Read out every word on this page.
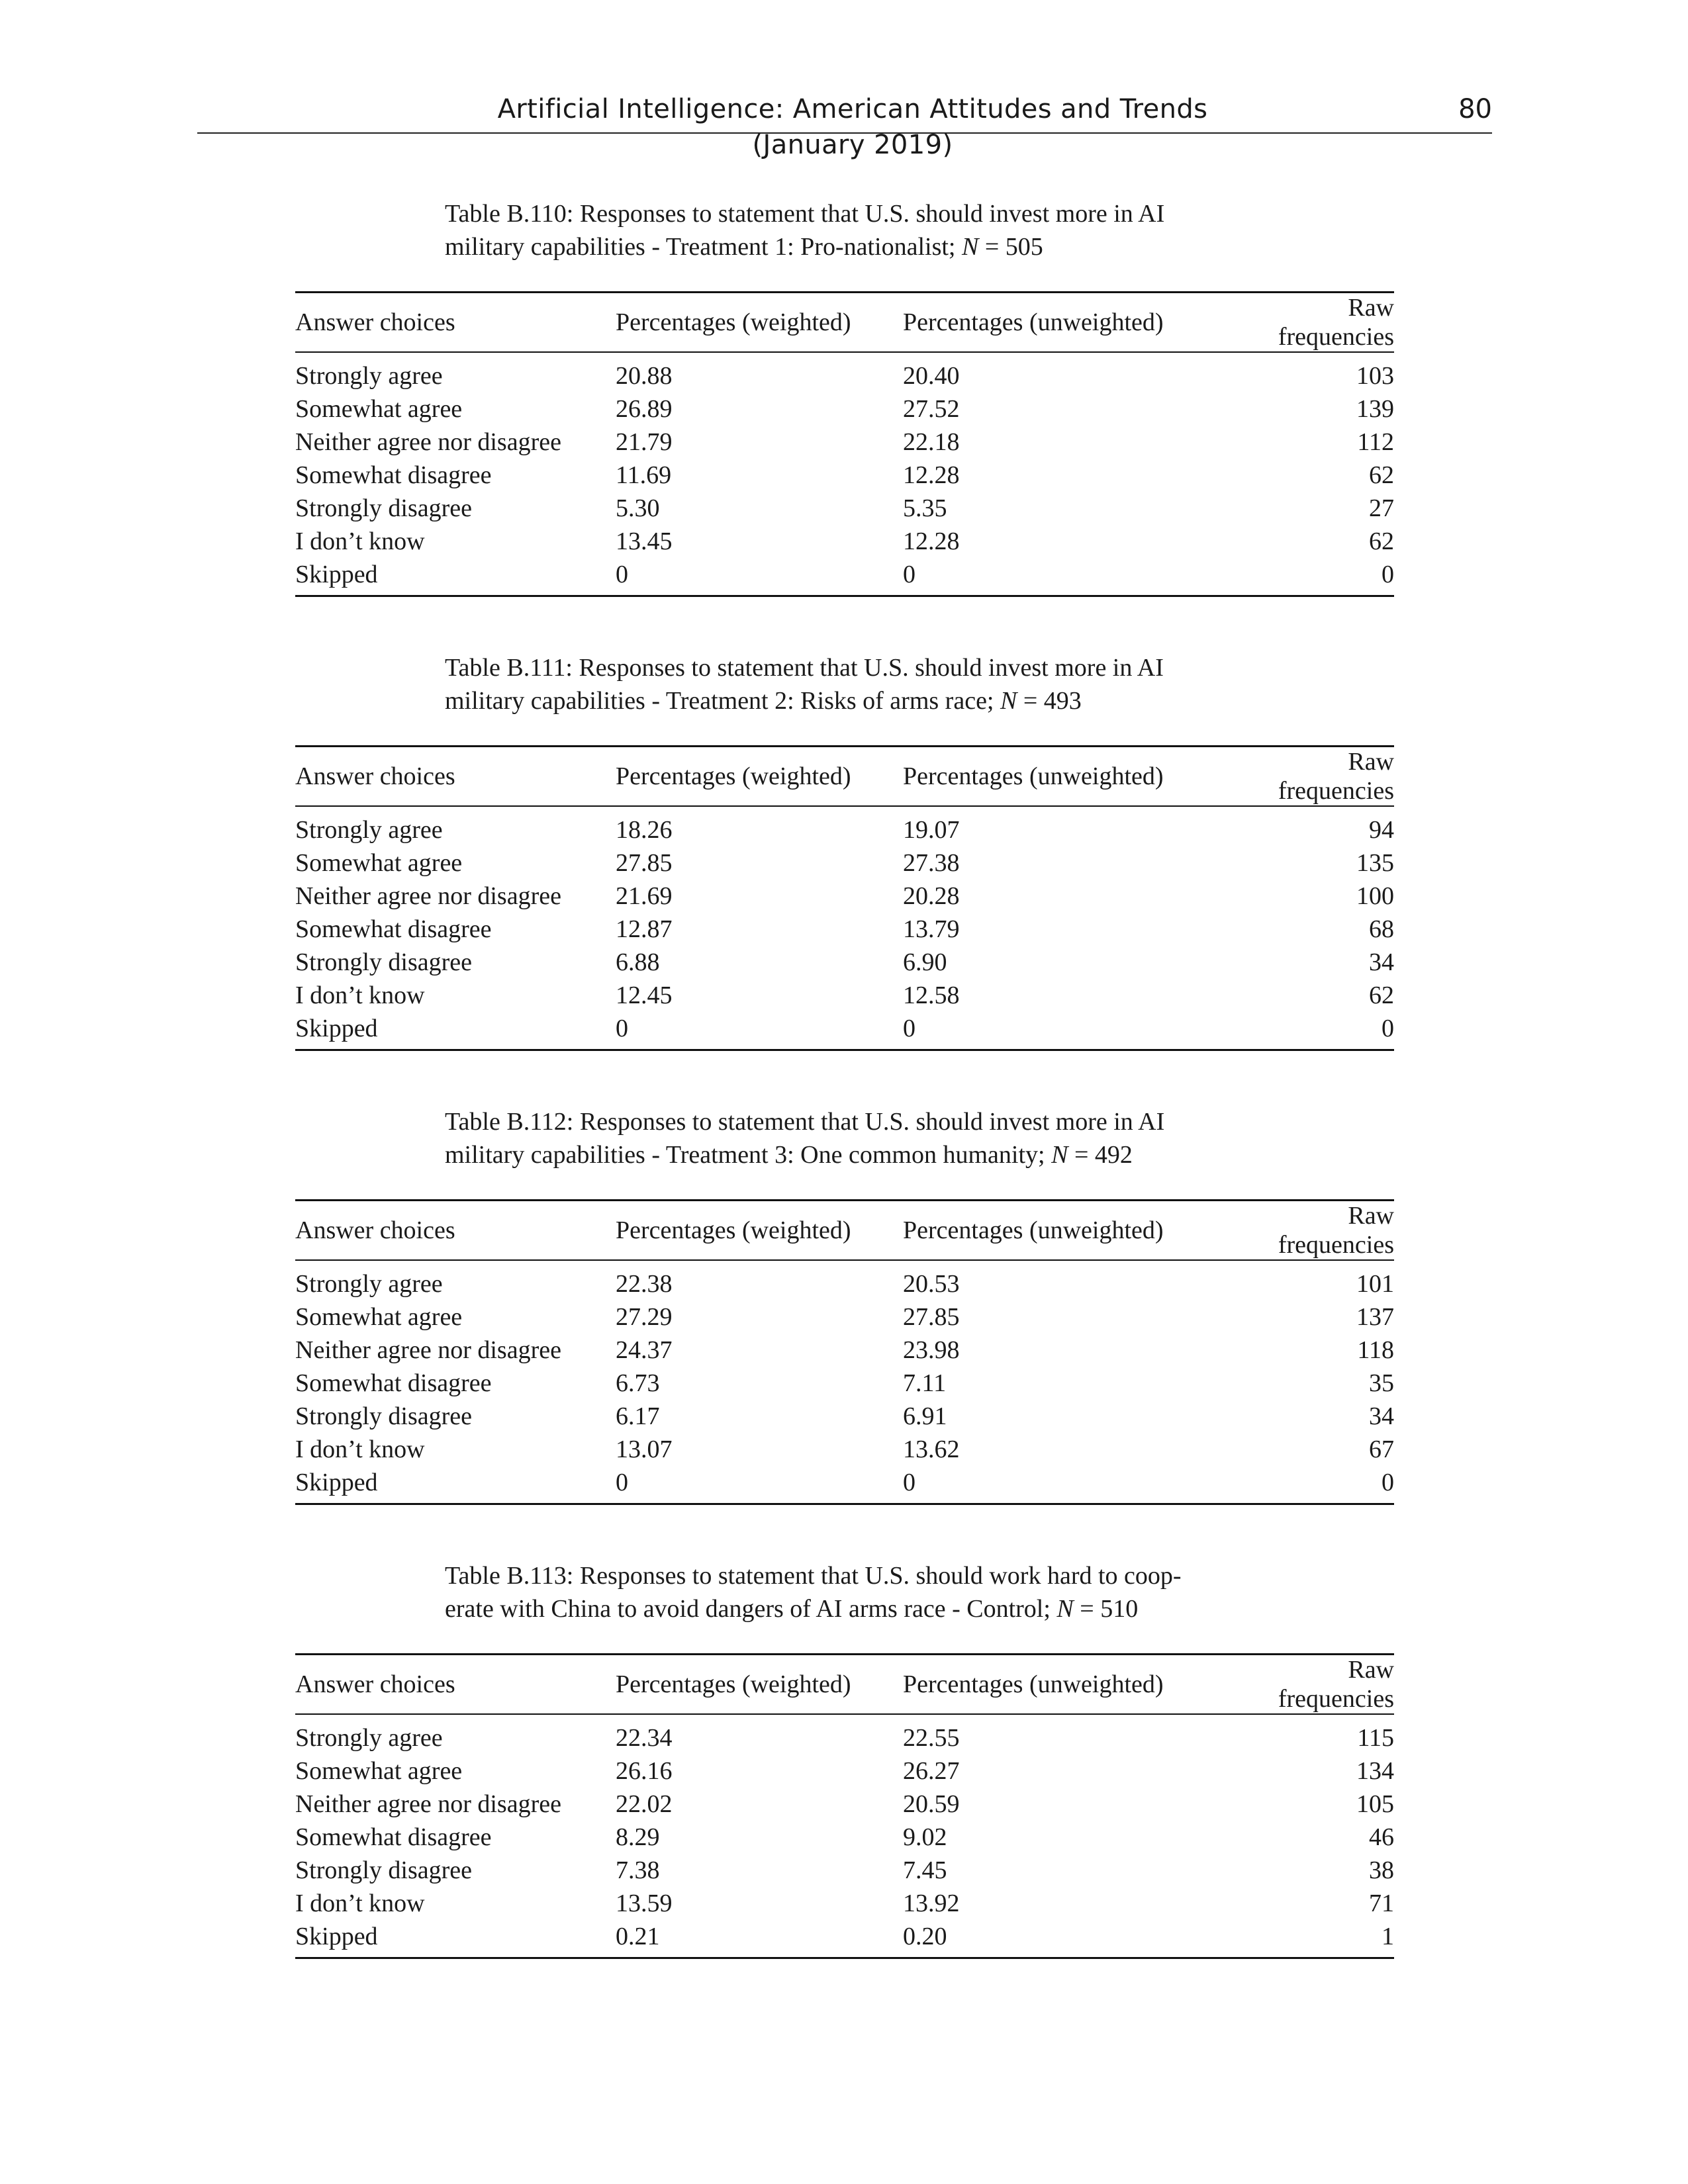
Artificial Intelligence: American Attitudes and Trends (January 2019)
80
Table B.110: Responses to statement that U.S. should invest more in AI
military capabilities - Treatment 1: Pro-nationalist; N = 505
Answer choices	Percentages (weighted)	Percentages (unweighted)	Raw frequencies
Strongly agree	20.88	20.40	103
Somewhat agree	26.89	27.52	139
Neither agree nor disagree	21.79	22.18	112
Somewhat disagree	11.69	12.28	62
Strongly disagree	5.30	5.35	27
I don’t know	13.45	12.28	62
Skipped	0	0	0
Table B.111: Responses to statement that U.S. should invest more in AI
military capabilities - Treatment 2: Risks of arms race; N = 493
Answer choices	Percentages (weighted)	Percentages (unweighted)	Raw frequencies
Strongly agree	18.26	19.07	94
Somewhat agree	27.85	27.38	135
Neither agree nor disagree	21.69	20.28	100
Somewhat disagree	12.87	13.79	68
Strongly disagree	6.88	6.90	34
I don’t know	12.45	12.58	62
Skipped	0	0	0
Table B.112: Responses to statement that U.S. should invest more in AI
military capabilities - Treatment 3: One common humanity; N = 492
Answer choices	Percentages (weighted)	Percentages (unweighted)	Raw frequencies
Strongly agree	22.38	20.53	101
Somewhat agree	27.29	27.85	137
Neither agree nor disagree	24.37	23.98	118
Somewhat disagree	6.73	7.11	35
Strongly disagree	6.17	6.91	34
I don’t know	13.07	13.62	67
Skipped	0	0	0
Table B.113: Responses to statement that U.S. should work hard to coop-
erate with China to avoid dangers of AI arms race - Control; N = 510
Answer choices	Percentages (weighted)	Percentages (unweighted)	Raw frequencies
Strongly agree	22.34	22.55	115
Somewhat agree	26.16	26.27	134
Neither agree nor disagree	22.02	20.59	105
Somewhat disagree	8.29	9.02	46
Strongly disagree	7.38	7.45	38
I don’t know	13.59	13.92	71
Skipped	0.21	0.20	1
